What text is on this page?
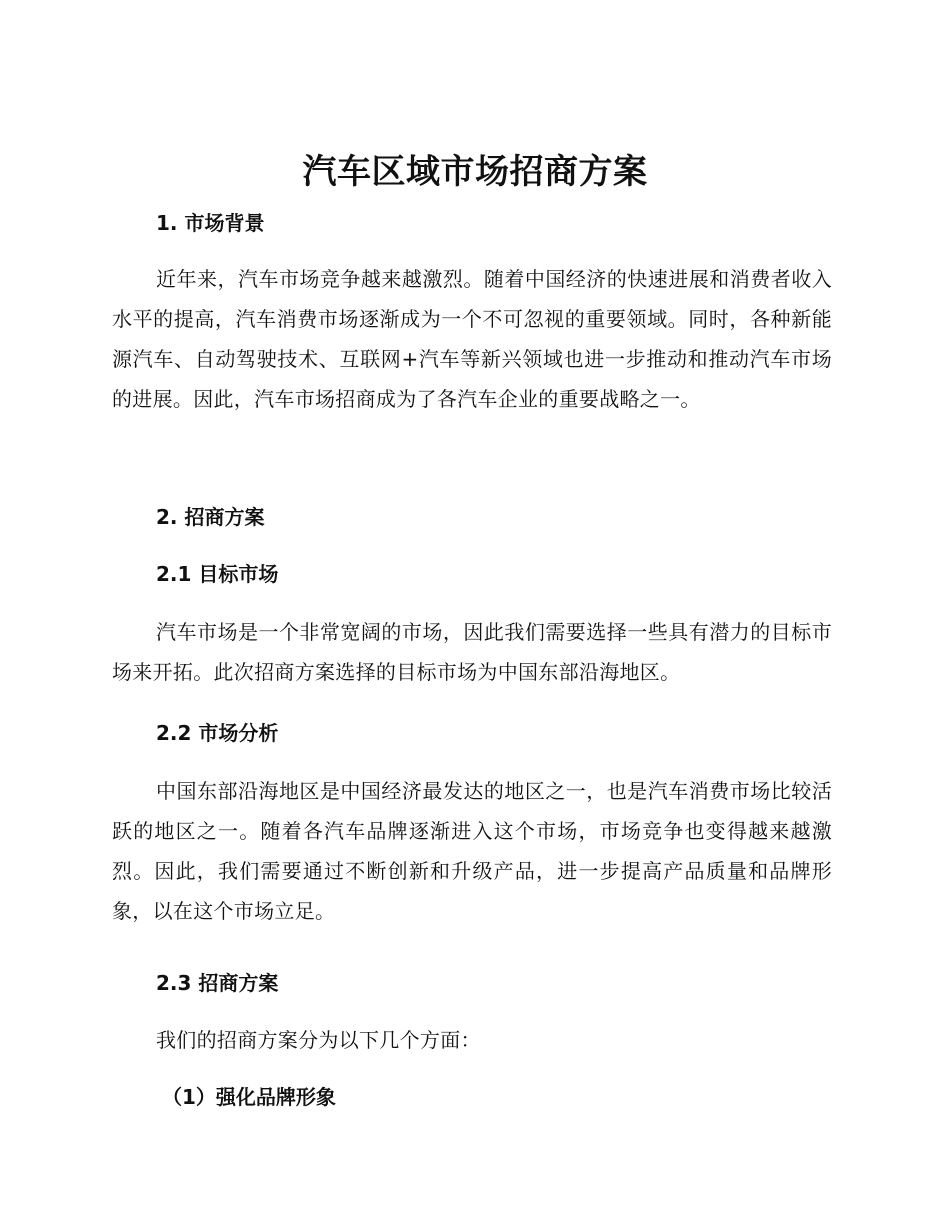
汽车区域市场招商方案
1. 市场背景
近年来，汽车市场竞争越来越激烈。随着中国经济的快速进展和消费者收入水平的提高，汽车消费市场逐渐成为一个不可忽视的重要领域。同时，各种新能源汽车、自动驾驶技术、互联网+汽车等新兴领域也进一步推动和推动汽车市场的进展。因此，汽车市场招商成为了各汽车企业的重要战略之一。
2. 招商方案
2.1 目标市场
汽车市场是一个非常宽阔的市场，因此我们需要选择一些具有潜力的目标市场来开拓。此次招商方案选择的目标市场为中国东部沿海地区。
2.2 市场分析
中国东部沿海地区是中国经济最发达的地区之一，也是汽车消费市场比较活跃的地区之一。随着各汽车品牌逐渐进入这个市场，市场竞争也变得越来越激烈。因此，我们需要通过不断创新和升级产品，进一步提高产品质量和品牌形象，以在这个市场立足。
2.3 招商方案
我们的招商方案分为以下几个方面：
（1）强化品牌形象
